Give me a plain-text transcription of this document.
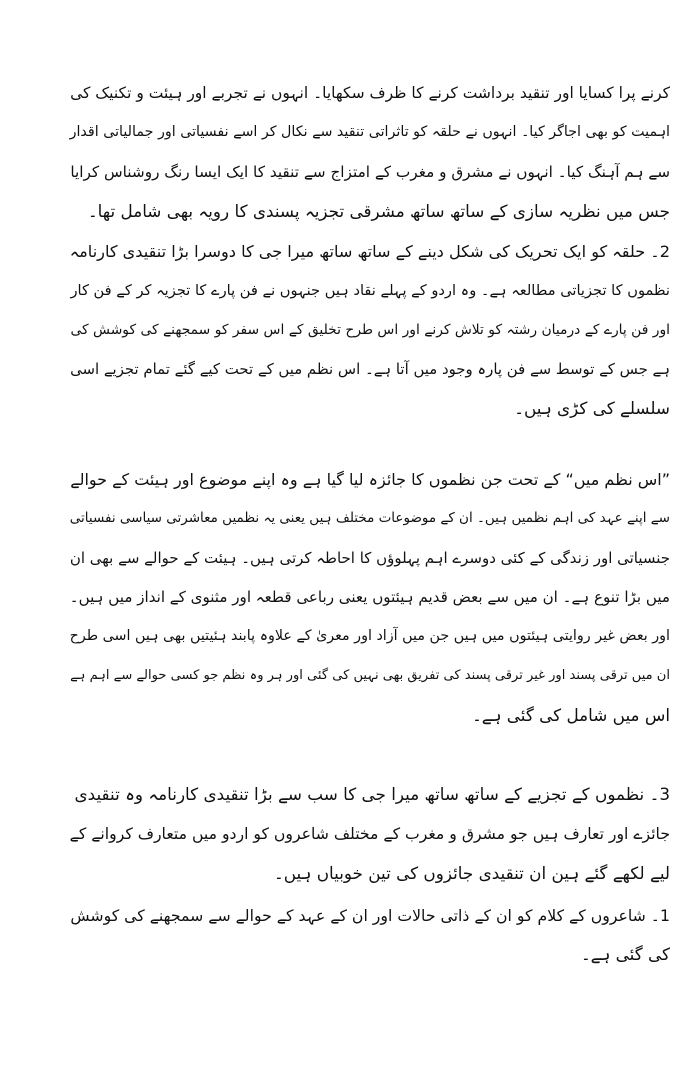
کرنے پرا کسایا اور تنقید برداشت کرنے کا ظرف سکھایا۔ انہوں نے تجربے اور ہیئت و تکنیک کی
اہمیت کو بھی اجاگر کیا۔ انہوں نے حلقہ کو تاثراتی تنقید سے نکال کر اسے نفسیاتی اور جمالیاتی اقدار
سے ہم آہنگ کیا۔ انہوں نے مشرق و مغرب کے امتزاج سے تنقید کا ایک ایسا رنگ روشناس کرایا
جس میں نظریہ سازی کے ساتھ ساتھ مشرقی تجزیہ پسندی کا رویہ بھی شامل تھا۔
2۔ حلقہ کو ایک تحریک کی شکل دینے کے ساتھ ساتھ میرا جی کا دوسرا بڑا تنقیدی کارنامہ
نظموں کا تجزیاتی مطالعہ ہے۔ وہ اردو کے پہلے نقاد ہیں جنہوں نے فن پارے کا تجزیہ کر کے فن کار
اور فن پارے کے درمیان رشتہ کو تلاش کرنے اور اس طرح تخلیق کے اس سفر کو سمجھنے کی کوشش کی
ہے جس کے توسط سے فن پارہ وجود میں آتا ہے۔ اس نظم میں کے تحت کیے گئے تمام تجزیے اسی
سلسلے کی کڑی ہیں۔
”اس نظم میں“ کے تحت جن نظموں کا جائزہ لیا گیا ہے وہ اپنے موضوع اور ہیئت کے حوالے
سے اپنے عہد کی اہم نظمیں ہیں۔ ان کے موضوعات مختلف ہیں یعنی یہ نظمیں معاشرتی سیاسی نفسیاتی
جنسیاتی اور زندگی کے کئی دوسرے اہم پہلوؤں کا احاطہ کرتی ہیں۔ ہیئت کے حوالے سے بھی ان
میں بڑا تنوع ہے۔ ان میں سے بعض قدیم ہیئتوں یعنی رباعی قطعہ اور مثنوی کے انداز میں ہیں۔
اور بعض غیر روایتی ہیئتوں میں ہیں جن میں آزاد اور معریٰ کے علاوہ پابند ہئیتیں بھی ہیں اسی طرح
ان میں ترقی پسند اور غیر ترقی پسند کی تفریق بھی نہیں کی گئی اور ہر وہ نظم جو کسی حوالے سے اہم ہے
اس میں شامل کی گئی ہے۔
3۔ نظموں کے تجزیے کے ساتھ ساتھ میرا جی کا سب سے بڑا تنقیدی کارنامہ وہ تنقیدی
جائزے اور تعارف ہیں جو مشرق و مغرب کے مختلف شاعروں کو اردو میں متعارف کروانے کے
لیے لکھے گئے ہین ان تنقیدی جائزوں کی تین خوبیاں ہیں۔
1۔ شاعروں کے کلام کو ان کے ذاتی حالات اور ان کے عہد کے حوالے سے سمجھنے کی کوشش
کی گئی ہے۔
